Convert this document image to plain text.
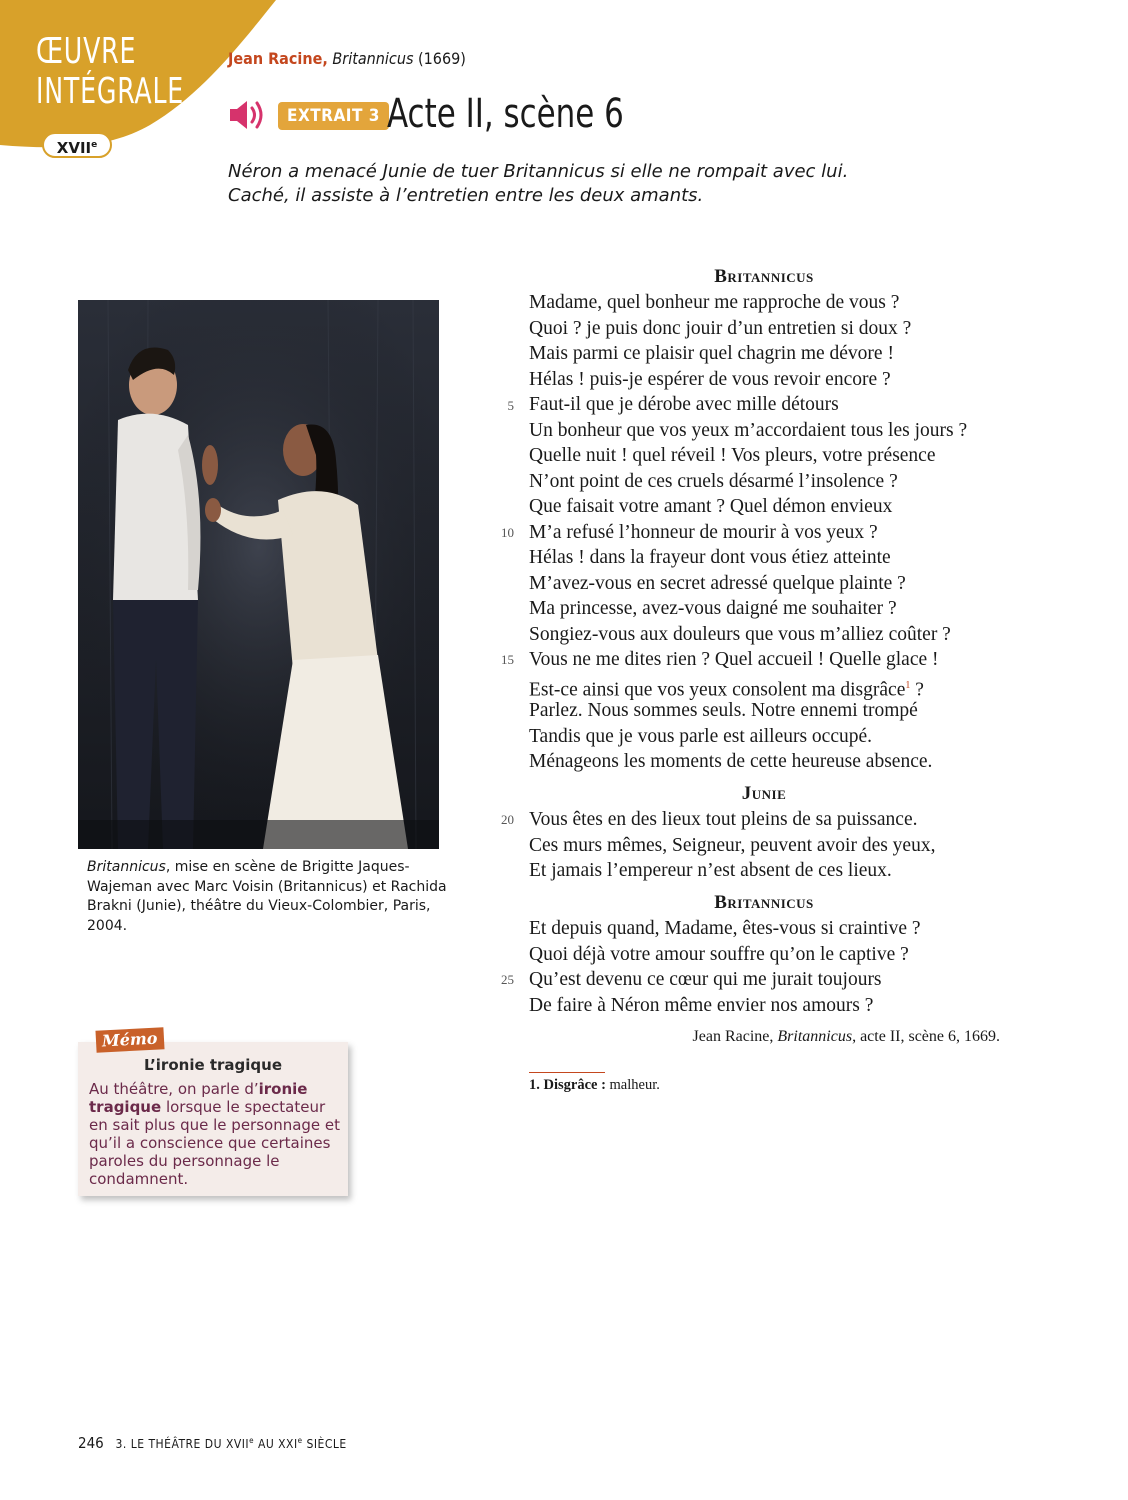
ŒUVRE
INTÉGRALE
XVIIe
Jean Racine, Britannicus (1669)
EXTRAIT 3 Acte II, scène 6

Néron a menacé Junie de tuer Britannicus si elle ne rompait avec lui.
Caché, il assiste à l’entretien entre les deux amants.

Britannicus, mise en scène de Brigitte Jaques-Wajeman avec Marc Voisin (Britannicus) et Rachida Brakni (Junie), théâtre du Vieux-Colombier, Paris, 2004.

Mémo
L’ironie tragique

Au théâtre, on parle d’ironie tragique lorsque le spectateur en sait plus que le personnage et qu’il a conscience que certaines paroles du personnage le condamnent.

Britannicus

Madame, quel bonheur me rapproche de vous ?

Quoi ? je puis donc jouir d’un entretien si doux ?

Mais parmi ce plaisir quel chagrin me dévore !

Hélas ! puis-je espérer de vous revoir encore ?

Faut-il que je dérobe avec mille détours

Un bonheur que vos yeux m’accordaient tous les jours ?

Quelle nuit ! quel réveil ! Vos pleurs, votre présence

N’ont point de ces cruels désarmé l’insolence ?

Que faisait votre amant ? Quel démon envieux

M’a refusé l’honneur de mourir à vos yeux ?

Hélas ! dans la frayeur dont vous étiez atteinte

M’avez-vous en secret adressé quelque plainte ?

Ma princesse, avez-vous daigné me souhaiter ?

Songiez-vous aux douleurs que vous m’alliez coûter ?

Vous ne me dites rien ? Quel accueil ! Quelle glace !

Est-ce ainsi que vos yeux consolent ma disgrâce$^1$ ?

Parlez. Nous sommes seuls. Notre ennemi trompé

Tandis que je vous parle est ailleurs occupé.

Ménageons les moments de cette heureuse absence.

Junie

Vous êtes en des lieux tout pleins de sa puissance.

Ces murs mêmes, Seigneur, peuvent avoir des yeux,

Et jamais l’empereur n’est absent de ces lieux.

Britannicus

Et depuis quand, Madame, êtes-vous si craintive ?

Quoi déjà votre amour souffre qu’on le captive ?

Qu’est devenu ce cœur qui me jurait toujours

De faire à Néron même envier nos amours ?

5
10
15
20
25
Jean Racine, Britannicus, acte II, scène 6, 1669.

1. Disgrâce : malheur.

246 3. LE THÉÂTRE DU XVIIe AU XXIe SIÈCLE
